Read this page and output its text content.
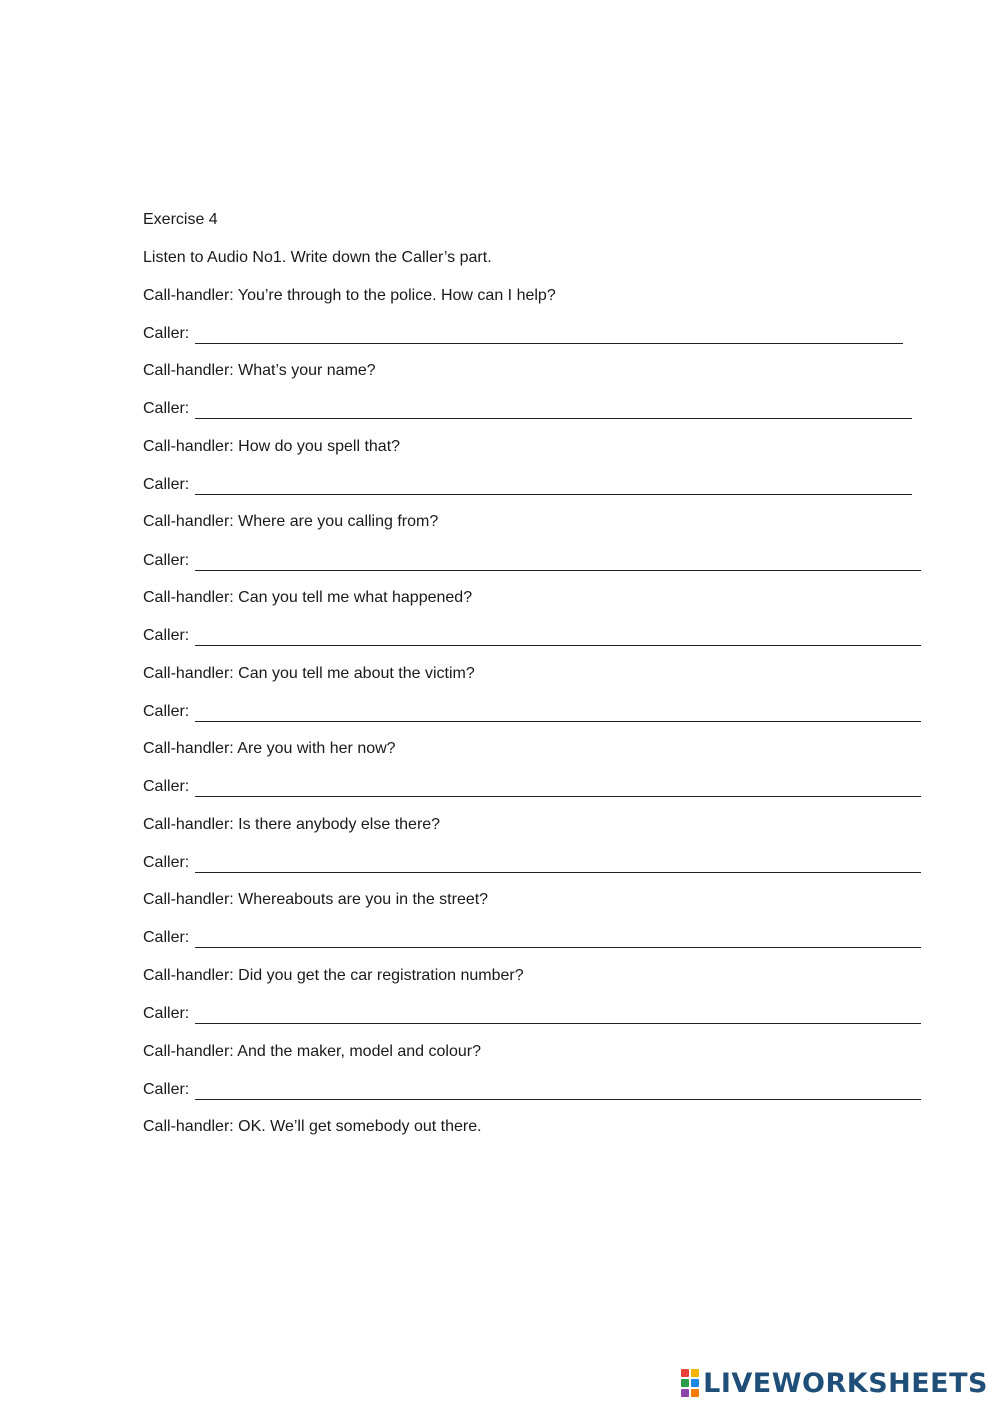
Exercise 4
Listen to Audio No1. Write down the Caller’s part.
Call-handler: You’re through to the police. How can I help?
Caller:
Call-handler: What’s your name?
Caller:
Call-handler: How do you spell that?
Caller:
Call-handler: Where are you calling from?
Caller:
Call-handler: Can you tell me what happened?
Caller:
Call-handler: Can you tell me about the victim?
Caller:
Call-handler: Are you with her now?
Caller:
Call-handler: Is there anybody else there?
Caller:
Call-handler: Whereabouts are you in the street?
Caller:
Call-handler: Did you get the car registration number?
Caller:
Call-handler: And the maker, model and colour?
Caller:
Call-handler: OK. We’ll get somebody out there.
LIVEWORKSHEETS
